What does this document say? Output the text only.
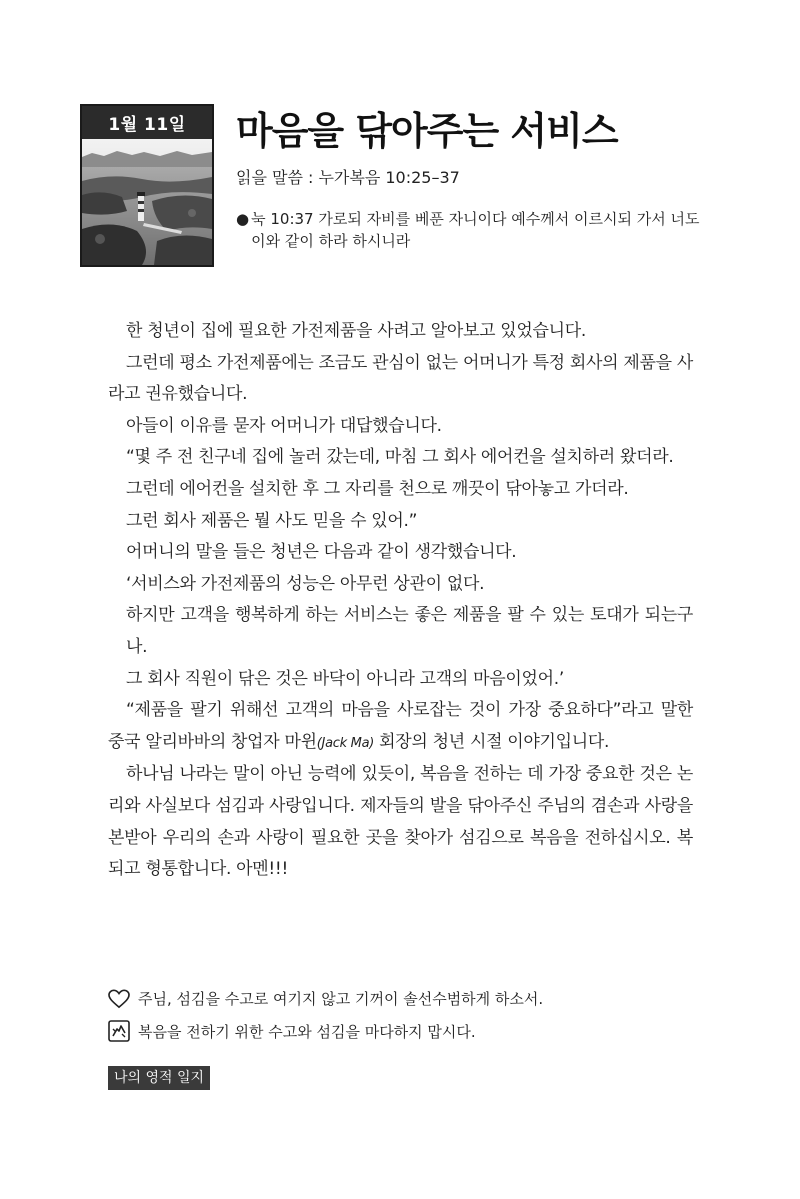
1월 11일	마음을 닦아주는 서비스

읽을 말씀 : 누가복음 10:25–37

● 눅 10:37 가로되 자비를 베푼 자니이다 예수께서 이르시되 가서 너도 이와 같이 하라 하시니라

한 청년이 집에 필요한 가전제품을 사려고 알아보고 있었습니다.

그런데 평소 가전제품에는 조금도 관심이 없는 어머니가 특정 회사의 제품을 사라고 권유했습니다.

아들이 이유를 묻자 어머니가 대답했습니다.

“몇 주 전 친구네 집에 놀러 갔는데, 마침 그 회사 에어컨을 설치하러 왔더라.

그런데 에어컨을 설치한 후 그 자리를 천으로 깨끗이 닦아놓고 가더라.

그런 회사 제품은 뭘 사도 믿을 수 있어.”

어머니의 말을 들은 청년은 다음과 같이 생각했습니다.

‘서비스와 가전제품의 성능은 아무런 상관이 없다.

하지만 고객을 행복하게 하는 서비스는 좋은 제품을 팔 수 있는 토대가 되는구나.

그 회사 직원이 닦은 것은 바닥이 아니라 고객의 마음이었어.’

“제품을 팔기 위해선 고객의 마음을 사로잡는 것이 가장 중요하다”라고 말한 중국 알리바바의 창업자 마윈(Jack Ma) 회장의 청년 시절 이야기입니다.

하나님 나라는 말이 아닌 능력에 있듯이, 복음을 전하는 데 가장 중요한 것은 논리와 사실보다 섬김과 사랑입니다. 제자들의 발을 닦아주신 주님의 겸손과 사랑을 본받아 우리의 손과 사랑이 필요한 곳을 찾아가 섬김으로 복음을 전하십시오. 복되고 형통합니다. 아멘!!!

주님, 섬김을 수고로 여기지 않고 기꺼이 솔선수범하게 하소서.
복음을 전하기 위한 수고와 섬김을 마다하지 맙시다.
나의 영적 일지
